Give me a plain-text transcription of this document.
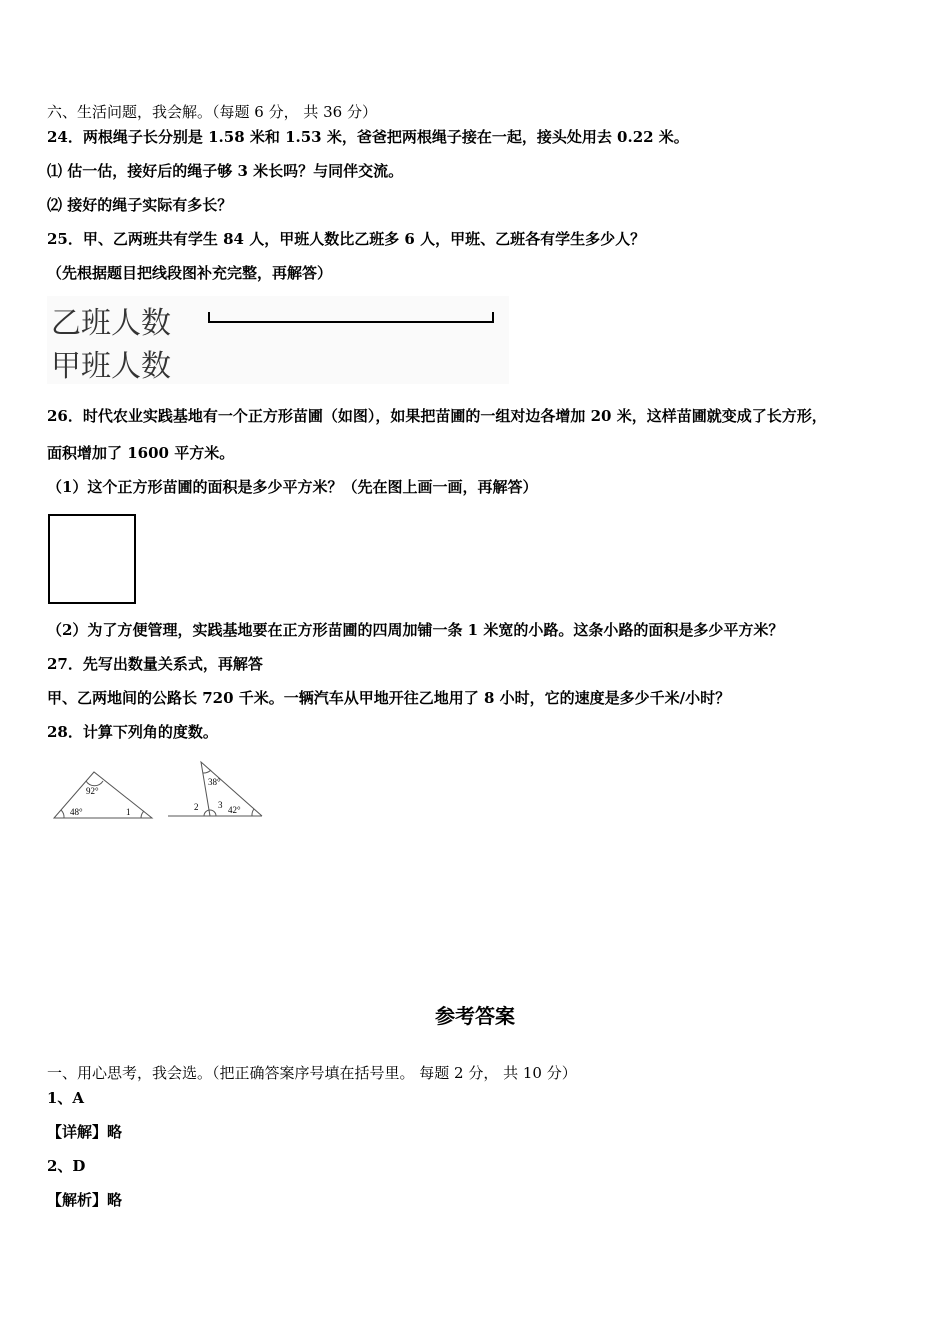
六、生活问题，我会解。（每题 6 分， 共 36 分）
24．两根绳子长分别是 1.58 米和 1.53 米，爸爸把两根绳子接在一起，接头处用去 0.22 米。
⑴ 估一估，接好后的绳子够 3 米长吗？与同伴交流。
⑵ 接好的绳子实际有多长？
25．甲、乙两班共有学生 84 人，甲班人数比乙班多 6 人，甲班、乙班各有学生多少人？
（先根据题目把线段图补充完整，再解答）
乙班人数
甲班人数
26．时代农业实践基地有一个正方形苗圃（如图），如果把苗圃的一组对边各增加 20 米，这样苗圃就变成了长方形，
面积增加了 1600 平方米。
（1）这个正方形苗圃的面积是多少平方米？（先在图上画一画，再解答）
（2）为了方便管理，实践基地要在正方形苗圃的四周加铺一条 1 米宽的小路。这条小路的面积是多少平方米？
27．先写出数量关系式，再解答
甲、乙两地间的公路长 720 千米。一辆汽车从甲地开往乙地用了 8 小时，它的速度是多少千米/小时？
28．计算下列角的度数。
92°
48°	1
38°
2 3 42°
参考答案
一、用心思考，我会选。（把正确答案序号填在括号里。 每题 2 分， 共 10 分）
1、A
【详解】略
2、D
【解析】略
